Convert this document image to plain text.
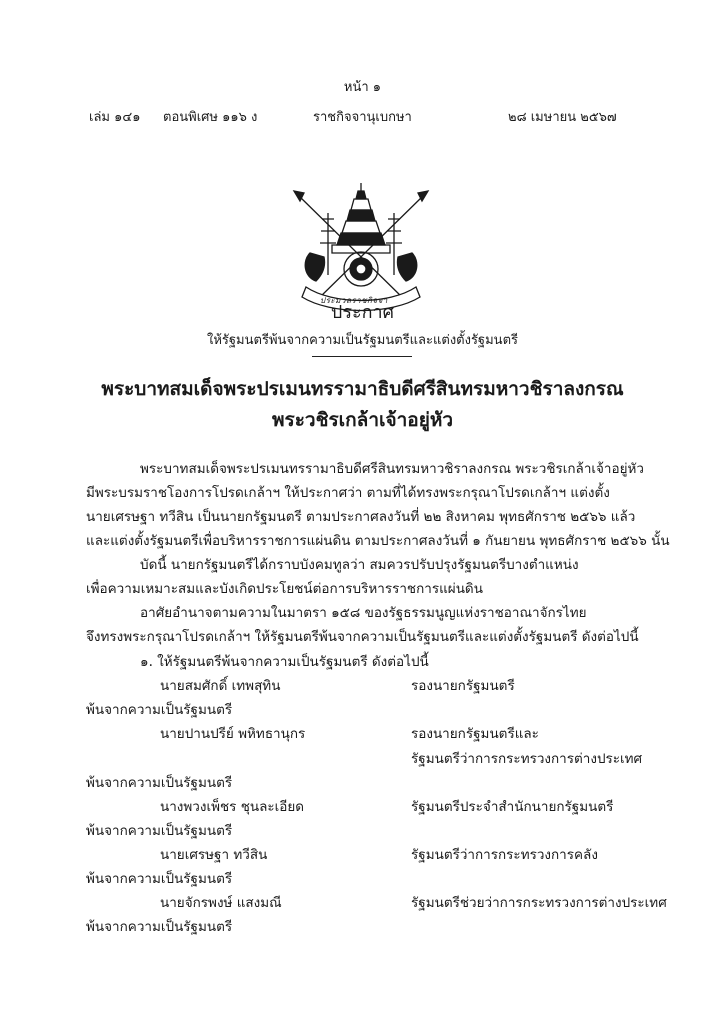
หน้า ๑
เล่ม ๑๔๑ ตอนพิเศษ ๑๑๖ ง	ราชกิจจานุเบกษา	๒๘ เมษายน ๒๕๖๗
ประมวลราชกิจจา
ประกาศ
ให้รัฐมนตรีพ้นจากความเป็นรัฐมนตรีและแต่งตั้งรัฐมนตรี
พระบาทสมเด็จพระปรเมนทรรามาธิบดีศรีสินทรมหาวชิราลงกรณ
พระวชิรเกล้าเจ้าอยู่หัว
พระบาทสมเด็จพระปรเมนทรรามาธิบดีศรีสินทรมหาวชิราลงกรณ พระวชิรเกล้าเจ้าอยู่หัว
มีพระบรมราชโองการโปรดเกล้าฯ ให้ประกาศว่า ตามที่ได้ทรงพระกรุณาโปรดเกล้าฯ แต่งตั้ง
นายเศรษฐา ทวีสิน เป็นนายกรัฐมนตรี ตามประกาศลงวันที่ ๒๒ สิงหาคม พุทธศักราช ๒๕๖๖ แล้ว
และแต่งตั้งรัฐมนตรีเพื่อบริหารราชการแผ่นดิน ตามประกาศลงวันที่ ๑ กันยายน พุทธศักราช ๒๕๖๖ นั้น
บัดนี้ นายกรัฐมนตรีได้กราบบังคมทูลว่า สมควรปรับปรุงรัฐมนตรีบางตำแหน่ง
เพื่อความเหมาะสมและบังเกิดประโยชน์ต่อการบริหารราชการแผ่นดิน
อาศัยอำนาจตามความในมาตรา ๑๕๘ ของรัฐธรรมนูญแห่งราชอาณาจักรไทย
จึงทรงพระกรุณาโปรดเกล้าฯ ให้รัฐมนตรีพ้นจากความเป็นรัฐมนตรีและแต่งตั้งรัฐมนตรี ดังต่อไปนี้
๑. ให้รัฐมนตรีพ้นจากความเป็นรัฐมนตรี ดังต่อไปนี้
นายสมศักดิ์ เทพสุทิน	รองนายกรัฐมนตรี
พ้นจากความเป็นรัฐมนตรี
นายปานปรีย์ พหิทธานุกร	รองนายกรัฐมนตรีและ
รัฐมนตรีว่าการกระทรวงการต่างประเทศ
พ้นจากความเป็นรัฐมนตรี
นางพวงเพ็ชร ชุนละเอียด	รัฐมนตรีประจำสำนักนายกรัฐมนตรี
พ้นจากความเป็นรัฐมนตรี
นายเศรษฐา ทวีสิน	รัฐมนตรีว่าการกระทรวงการคลัง
พ้นจากความเป็นรัฐมนตรี
นายจักรพงษ์ แสงมณี	รัฐมนตรีช่วยว่าการกระทรวงการต่างประเทศ
พ้นจากความเป็นรัฐมนตรี
